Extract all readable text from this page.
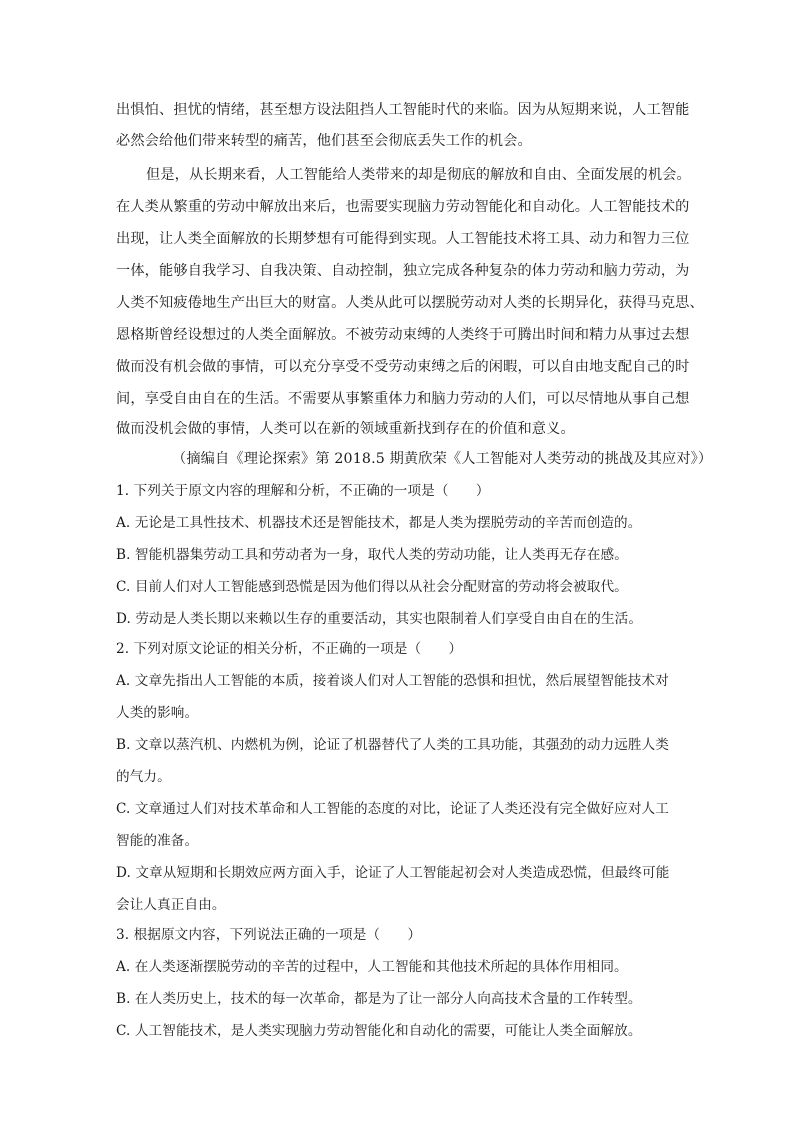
出惧怕、担忧的情绪，甚至想方设法阻挡人工智能时代的来临。因为从短期来说，人工智能
必然会给他们带来转型的痛苦，他们甚至会彻底丢失工作的机会。
但是，从长期来看，人工智能给人类带来的却是彻底的解放和自由、全面发展的机会。
在人类从繁重的劳动中解放出来后，也需要实现脑力劳动智能化和自动化。人工智能技术的
出现，让人类全面解放的长期梦想有可能得到实现。人工智能技术将工具、动力和智力三位
一体，能够自我学习、自我决策、自动控制，独立完成各种复杂的体力劳动和脑力劳动，为
人类不知疲倦地生产出巨大的财富。人类从此可以摆脱劳动对人类的长期异化，获得马克思、
恩格斯曾经设想过的人类全面解放。不被劳动束缚的人类终于可腾出时间和精力从事过去想
做而没有机会做的事情，可以充分享受不受劳动束缚之后的闲暇，可以自由地支配自己的时
间，享受自由自在的生活。不需要从事繁重体力和脑力劳动的人们，可以尽情地从事自己想
做而没机会做的事情，人类可以在新的领域重新找到存在的价值和意义。
（摘编自《理论探索》第 2018.5 期黄欣荣《人工智能对人类劳动的挑战及其应对》）
1. 下列关于原文内容的理解和分析，不正确的一项是（　　）
A. 无论是工具性技术、机器技术还是智能技术，都是人类为摆脱劳动的辛苦而创造的。
B. 智能机器集劳动工具和劳动者为一身，取代人类的劳动功能，让人类再无存在感。
C. 目前人们对人工智能感到恐慌是因为他们得以从社会分配财富的劳动将会被取代。
D. 劳动是人类长期以来赖以生存的重要活动，其实也限制着人们享受自由自在的生活。
2. 下列对原文论证的相关分析，不正确的一项是（　　）
A. 文章先指出人工智能的本质，接着谈人们对人工智能的恐惧和担忧，然后展望智能技术对
人类的影响。
B. 文章以蒸汽机、内燃机为例，论证了机器替代了人类的工具功能，其强劲的动力远胜人类
的气力。
C. 文章通过人们对技术革命和人工智能的态度的对比，论证了人类还没有完全做好应对人工
智能的准备。
D. 文章从短期和长期效应两方面入手，论证了人工智能起初会对人类造成恐慌，但最终可能
会让人真正自由。
3. 根据原文内容，下列说法正确的一项是（　　）
A. 在人类逐渐摆脱劳动的辛苦的过程中，人工智能和其他技术所起的具体作用相同。
B. 在人类历史上，技术的每一次革命，都是为了让一部分人向高技术含量的工作转型。
C. 人工智能技术，是人类实现脑力劳动智能化和自动化的需要，可能让人类全面解放。
